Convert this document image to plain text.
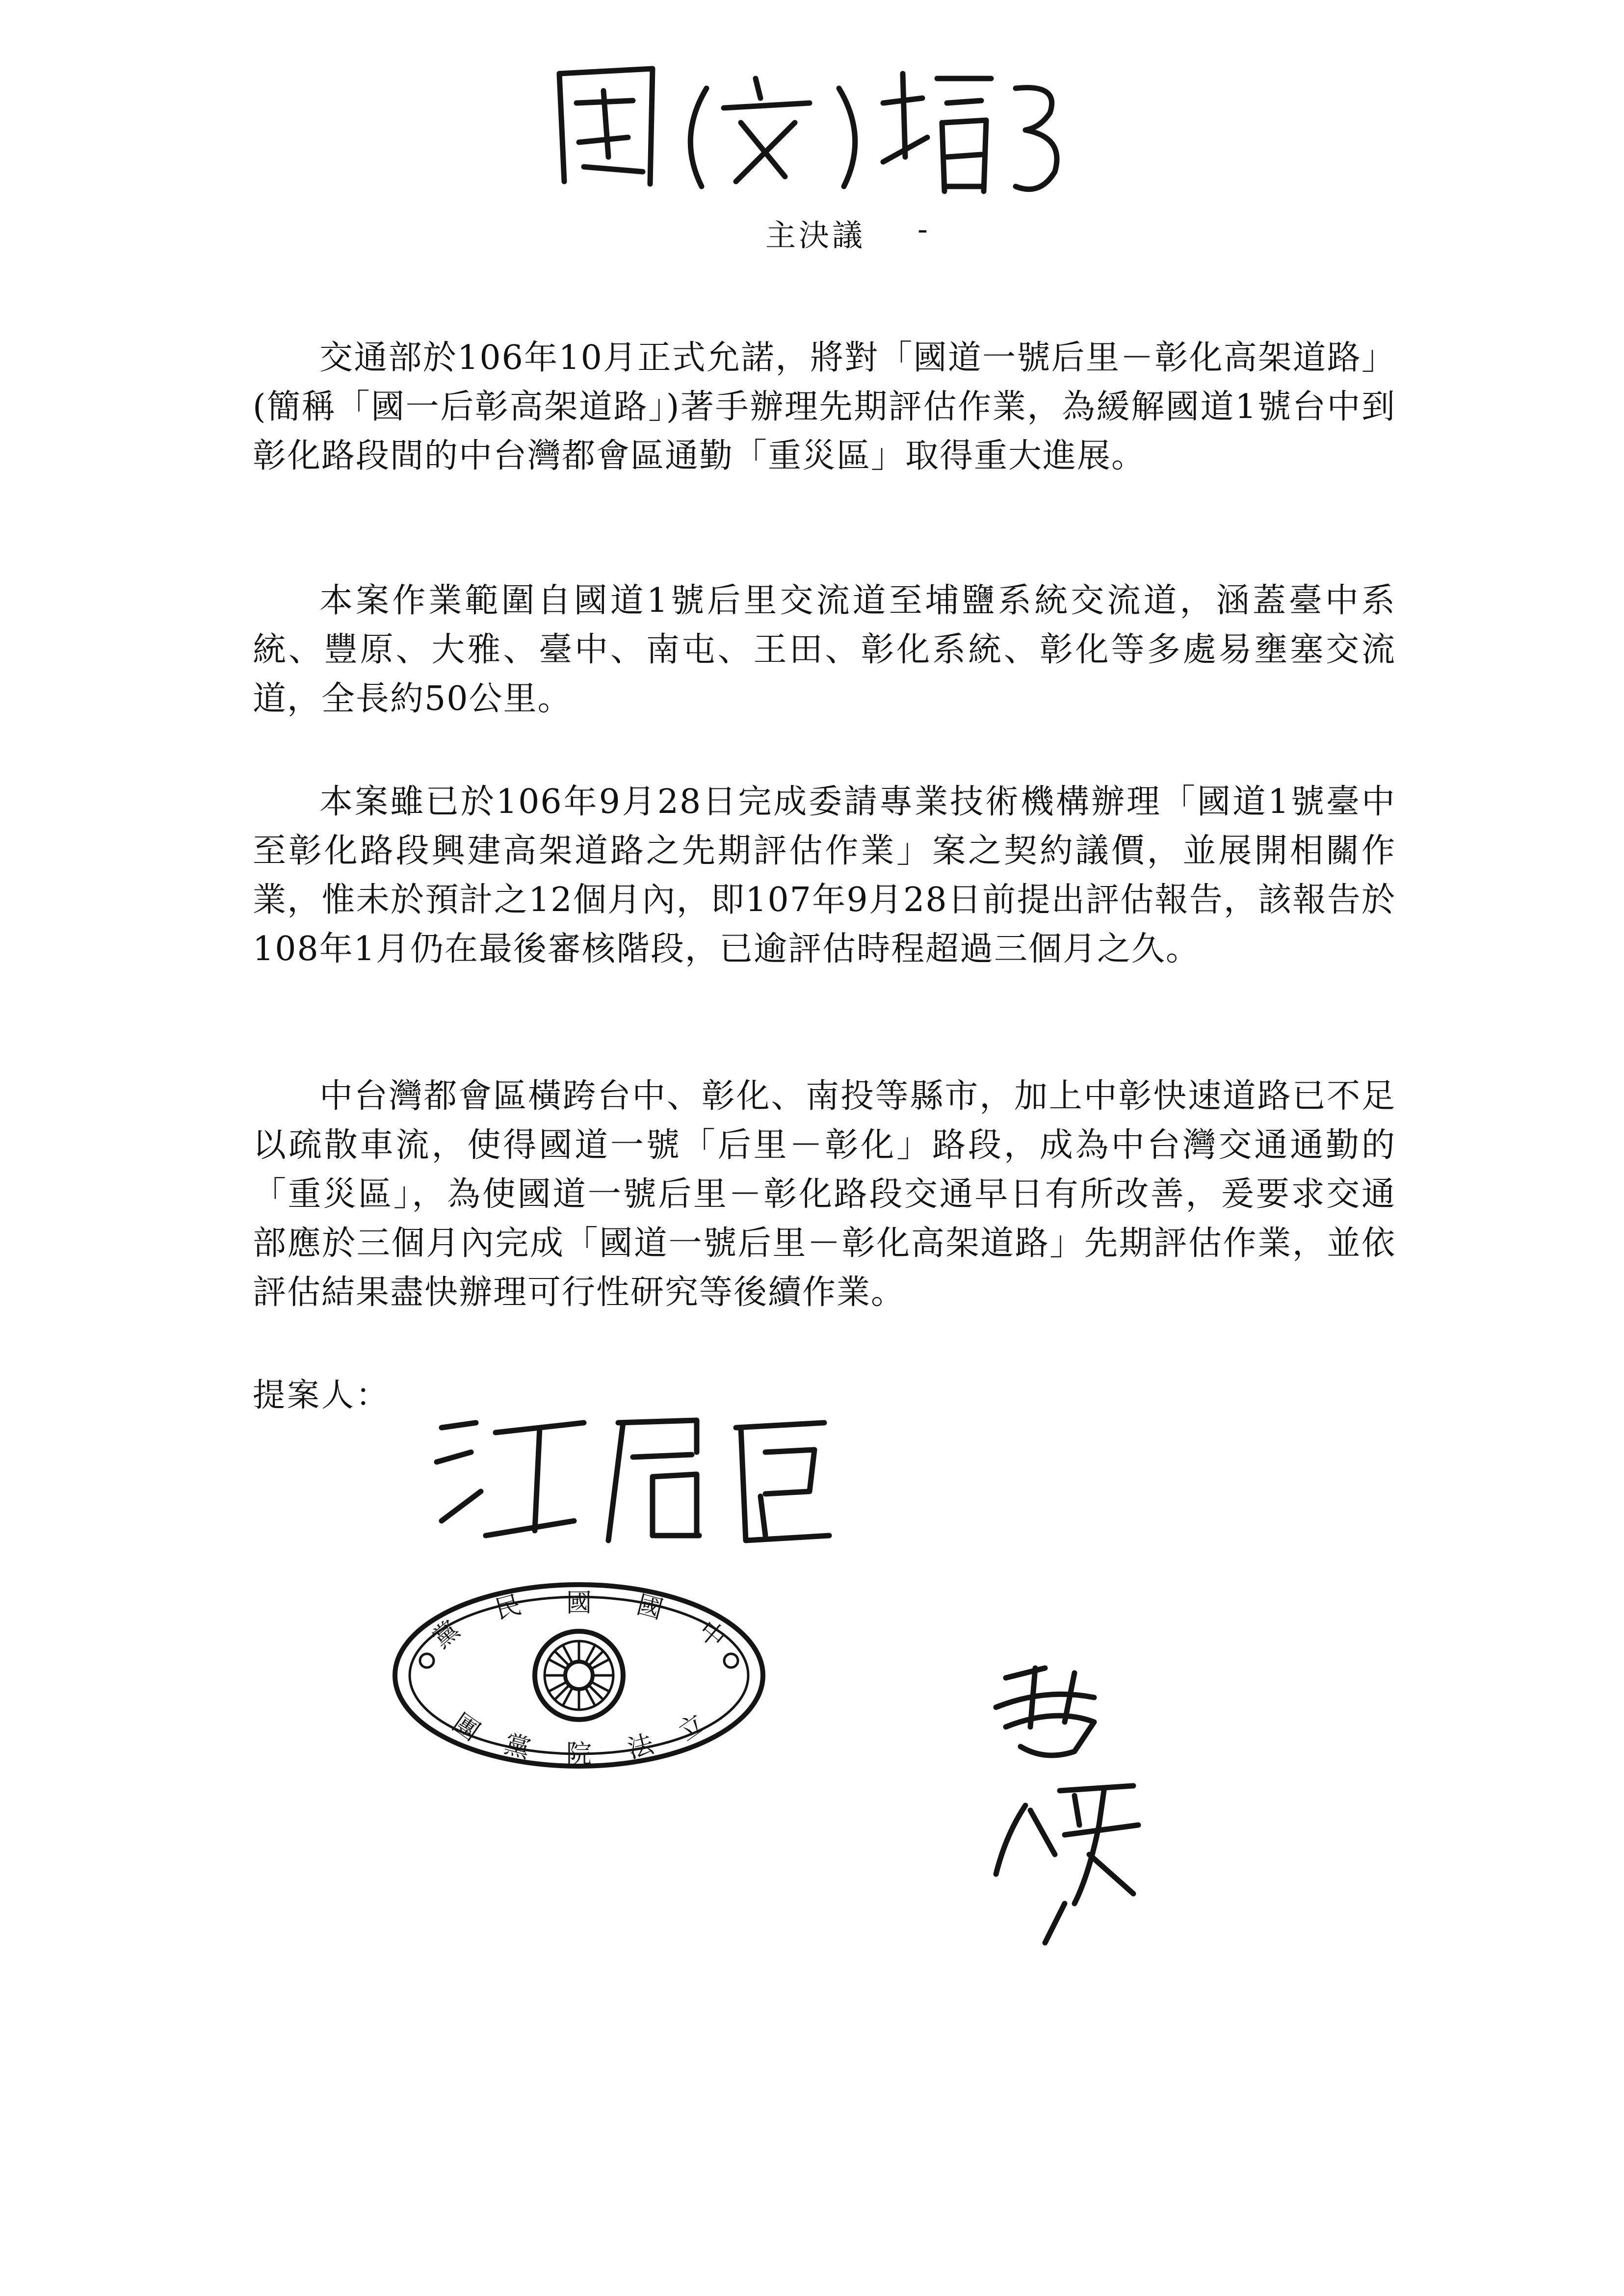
主決議 -

交通部於106年10月正式允諾，將對「國道一號后里－彰化高架道路」(簡稱「國一后彰高架道路」)著手辦理先期評估作業，為緩解國道1號台中到彰化路段間的中台灣都會區通勤「重災區」取得重大進展。

本案作業範圍自國道1號后里交流道至埔鹽系統交流道，涵蓋臺中系統、豐原、大雅、臺中、南屯、王田、彰化系統、彰化等多處易壅塞交流道，全長約50公里。

本案雖已於106年9月28日完成委請專業技術機構辦理「國道1號臺中至彰化路段興建高架道路之先期評估作業」案之契約議價，並展開相關作業，惟未於預計之12個月內，即107年9月28日前提出評估報告，該報告於108年1月仍在最後審核階段，已逾評估時程超過三個月之久。

中台灣都會區橫跨台中、彰化、南投等縣市，加上中彰快速道路已不足以疏散車流，使得國道一號「后里－彰化」路段，成為中台灣交通通勤的「重災區」，為使國道一號后里－彰化路段交通早日有所改善，爰要求交通部應於三個月內完成「國道一號后里－彰化高架道路」先期評估作業，並依評估結果盡快辦理可行性研究等後續作業。

提案人：
黨
民 國 國
中
團
黨 院 法
立
